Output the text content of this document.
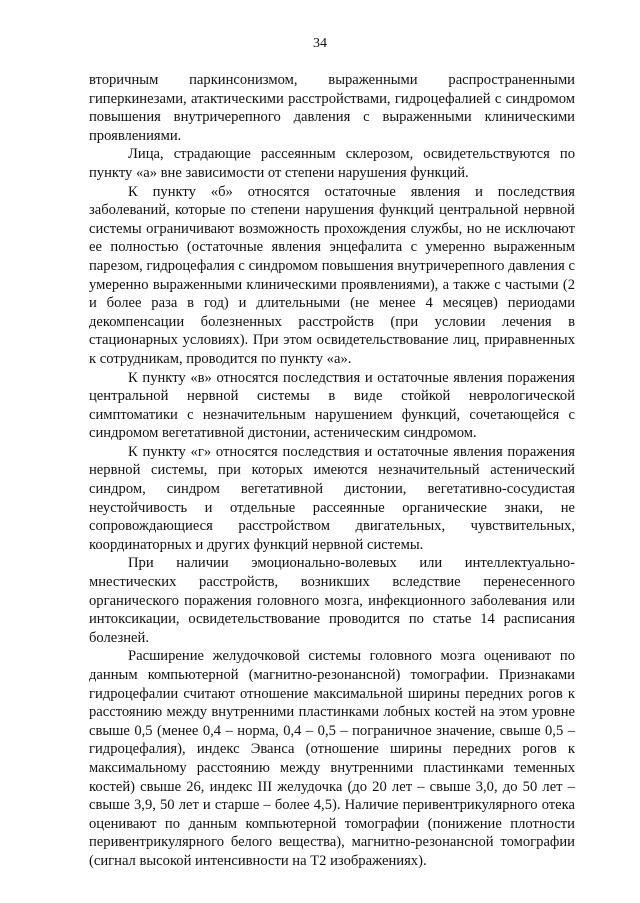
34

вторичным паркинсонизмом, выраженными распространенными гиперкинезами, атактическими расстройствами, гидроцефалией с синдромом повышения внутричерепного давления с выраженными клиническими проявлениями.

Лица, страдающие рассеянным склерозом, освидетельствуются по пункту «а» вне зависимости от степени нарушения функций.

К пункту «б» относятся остаточные явления и последствия заболеваний, которые по степени нарушения функций центральной нервной системы ограничивают возможность прохождения службы, но не исключают ее полностью (остаточные явления энцефалита с умеренно выраженным парезом, гидроцефалия с синдромом повышения внутричерепного давления с умеренно выраженными клиническими проявлениями), а также с частыми (2 и более раза в год) и длительными (не менее 4 месяцев) периодами декомпенсации болезненных расстройств (при условии лечения в стационарных условиях). При этом освидетельствование лиц, приравненных к сотрудникам, проводится по пункту «а».

К пункту «в» относятся последствия и остаточные явления поражения центральной нервной системы в виде стойкой неврологической симптоматики с незначительным нарушением функций, сочетающейся с синдромом вегетативной дистонии, астеническим синдромом.

К пункту «г» относятся последствия и остаточные явления поражения нервной системы, при которых имеются незначительный астенический синдром, синдром вегетативной дистонии, вегетативно-сосудистая неустойчивость и отдельные рассеянные органические знаки, не сопровождающиеся расстройством двигательных, чувствительных, координаторных и других функций нервной системы.

При наличии эмоционально-волевых или интеллектуально-мнестических расстройств, возникших вследствие перенесенного органического поражения головного мозга, инфекционного заболевания или интоксикации, освидетельствование проводится по статье 14 расписания болезней.

Расширение желудочковой системы головного мозга оценивают по данным компьютерной (магнитно-резонансной) томографии. Признаками гидроцефалии считают отношение максимальной ширины передних рогов к расстоянию между внутренними пластинками лобных костей на этом уровне свыше 0,5 (менее 0,4 – норма, 0,4 – 0,5 – пограничное значение, свыше 0,5 – гидроцефалия), индекс Эванса (отношение ширины передних рогов к максимальному расстоянию между внутренними пластинками теменных костей) свыше 26, индекс III желудочка (до 20 лет – свыше 3,0, до 50 лет – свыше 3,9, 50 лет и старше – более 4,5). Наличие перивентрикулярного отека оценивают по данным компьютерной томографии (понижение плотности перивентрикулярного белого вещества), магнитно-резонансной томографии (сигнал высокой интенсивности на Т2 изображениях).
